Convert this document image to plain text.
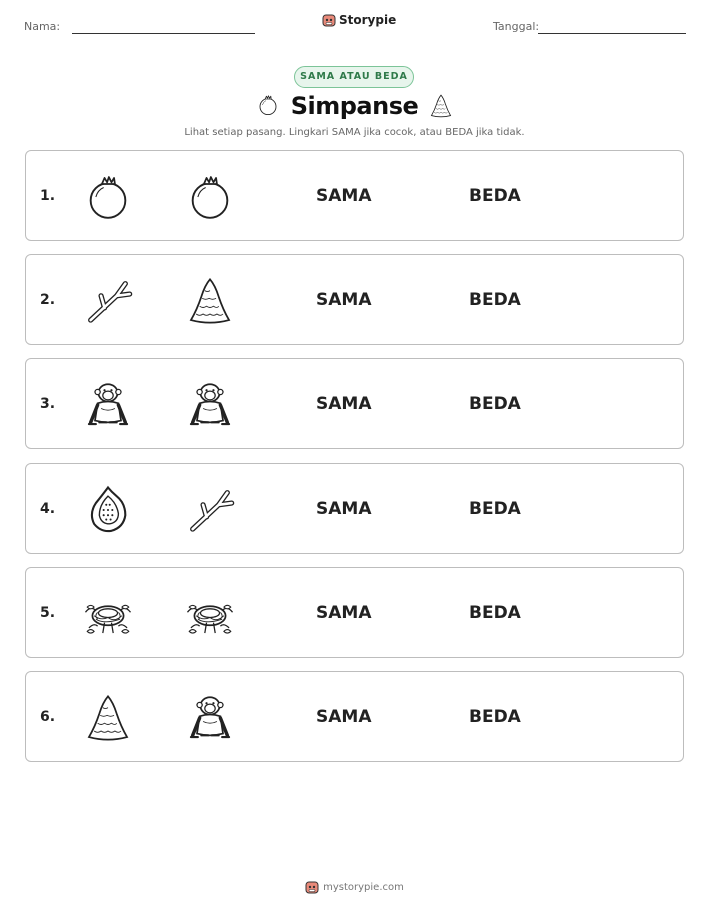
Nama:	Storypie	Tanggal:
SAMA ATAU BEDA
Simpanse
Lihat setiap pasang. Lingkari SAMA jika cocok, atau BEDA jika tidak.
1.	SAMA	BEDA
2.	SAMA	BEDA
3.	SAMA	BEDA
4.	SAMA	BEDA
5.	SAMA	BEDA
6.	SAMA	BEDA
mystorypie.com
